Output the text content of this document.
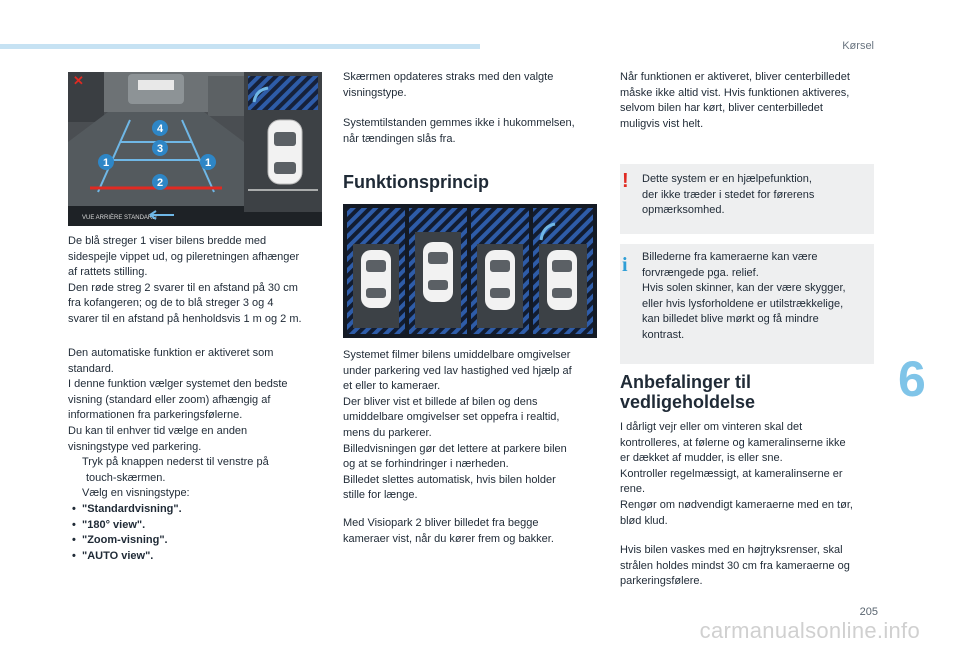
Kørsel
6
205
carmanualsonline.info
4
3
1	1
2
✕
VUE ARRIÈRE STANDARD

De blå streger 1 viser bilens bredde med

sidespejle vippet ud, og pileretningen afhænger

af rattets stilling.

Den røde streg 2 svarer til en afstand på 30 cm

fra kofangeren; og de to blå streger 3 og 4

svarer til en afstand på henholdsvis 1 m og 2 m.

Den automatiske funktion er aktiveret som

standard.

I denne funktion vælger systemet den bedste

visning (standard eller zoom) afhængig af

informationen fra parkeringsfølerne.

Du kan til enhver tid vælge en anden

visningstype ved parkering.

Tryk på knappen nederst til venstre på

touch-skærmen.

Vælg en visningstype:

• "Standardvisning".
• "180° view".
• "Zoom-visning".
• "AUTO view".

Skærmen opdateres straks med den valgte

visningstype.

Systemtilstanden gemmes ikke i hukommelsen,

når tændingen slås fra.

Funktionsprincip

Systemet filmer bilens umiddelbare omgivelser

under parkering ved lav hastighed ved hjælp af

et eller to kameraer.

Der bliver vist et billede af bilen og dens

umiddelbare omgivelser set oppefra i realtid,

mens du parkerer.

Billedvisningen gør det lettere at parkere bilen

og at se forhindringer i nærheden.

Billedet slettes automatisk, hvis bilen holder

stille for længe.

Med Visiopark 2 bliver billedet fra begge

kameraer vist, når du kører frem og bakker.

Når funktionen er aktiveret, bliver centerbilledet

måske ikke altid vist. Hvis funktionen aktiveres,

selvom bilen har kørt, bliver centerbilledet

muligvis vist helt.

! Dette system er en hjælpefunktion,

der ikke træder i stedet for førerens

opmærksomhed.

i Billederne fra kameraerne kan være

forvrængede pga. relief.

Hvis solen skinner, kan der være skygger,

eller hvis lysforholdene er utilstrækkelige,

kan billedet blive mørkt og få mindre

kontrast.

Anbefalinger til
vedligeholdelse

I dårligt vejr eller om vinteren skal det

kontrolleres, at følerne og kameralinserne ikke

er dækket af mudder, is eller sne.

Kontroller regelmæssigt, at kameralinserne er

rene.

Rengør om nødvendigt kameraerne med en tør,

blød klud.

Hvis bilen vaskes med en højtryksrenser, skal

strålen holdes mindst 30 cm fra kameraerne og

parkeringsfølere.
